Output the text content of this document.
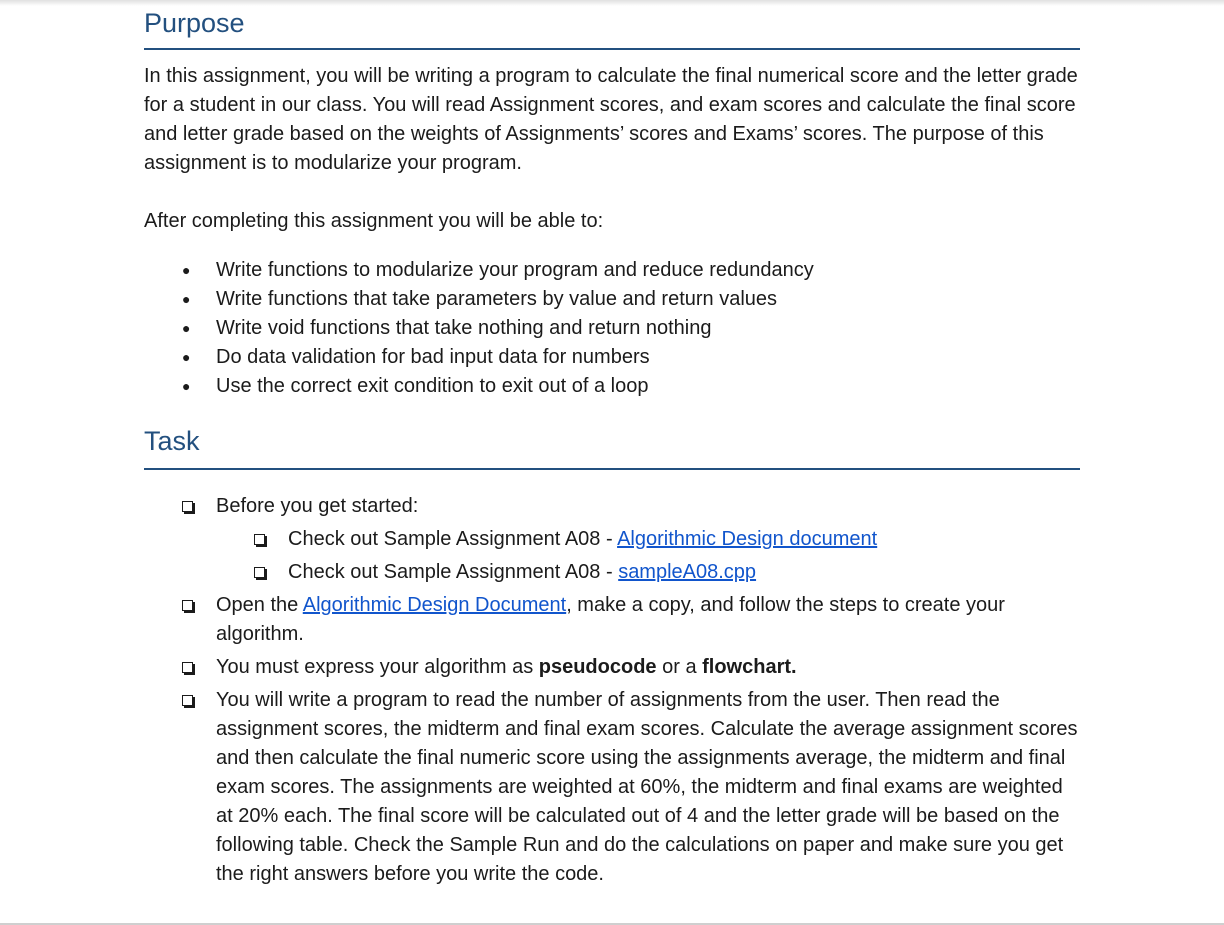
Purpose

In this assignment, you will be writing a program to calculate the final numerical score and the letter grade for a student in our class. You will read Assignment scores, and exam scores and calculate the final score and letter grade based on the weights of Assignments’ scores and Exams’ scores. The purpose of this assignment is to modularize your program.

After completing this assignment you will be able to:

● Write functions to modularize your program and reduce redundancy
● Write functions that take parameters by value and return values
● Write void functions that take nothing and return nothing
● Do data validation for bad input data for numbers
● Use the correct exit condition to exit out of a loop
Task
Before you get started:
Check out Sample Assignment A08 - Algorithmic Design document
Check out Sample Assignment A08 - sampleA08.cpp
Open the Algorithmic Design Document, make a copy, and follow the steps to create your algorithm.
You must express your algorithm as pseudocode or a flowchart.
You will write a program to read the number of assignments from the user. Then read the assignment scores, the midterm and final exam scores. Calculate the average assignment scores and then calculate the final numeric score using the assignments average, the midterm and final exam scores. The assignments are weighted at 60%, the midterm and final exams are weighted at 20% each. The final score will be calculated out of 4 and the letter grade will be based on the following table. Check the Sample Run and do the calculations on paper and make sure you get the right answers before you write the code.
